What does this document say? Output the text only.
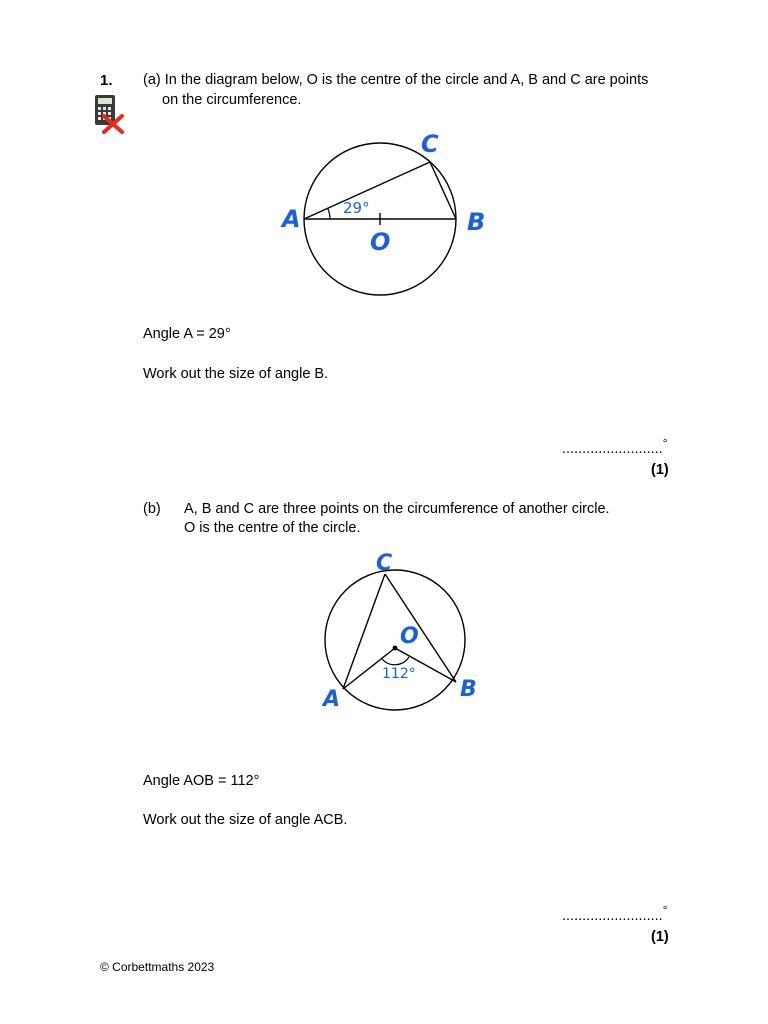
1. (a) In the diagram below, O is the centre of the circle and A, B and C are points
on the circumference.
29°
A	B
C
O
Angle A = 29°
Work out the size of angle B.
.........................°
(1)
(b) A, B and C are three points on the circumference of another circle.
O is the centre of the circle.
112°
A	B
C
O
Angle AOB = 112°
Work out the size of angle ACB.
.........................°
(1)
© Corbettmaths 2023
